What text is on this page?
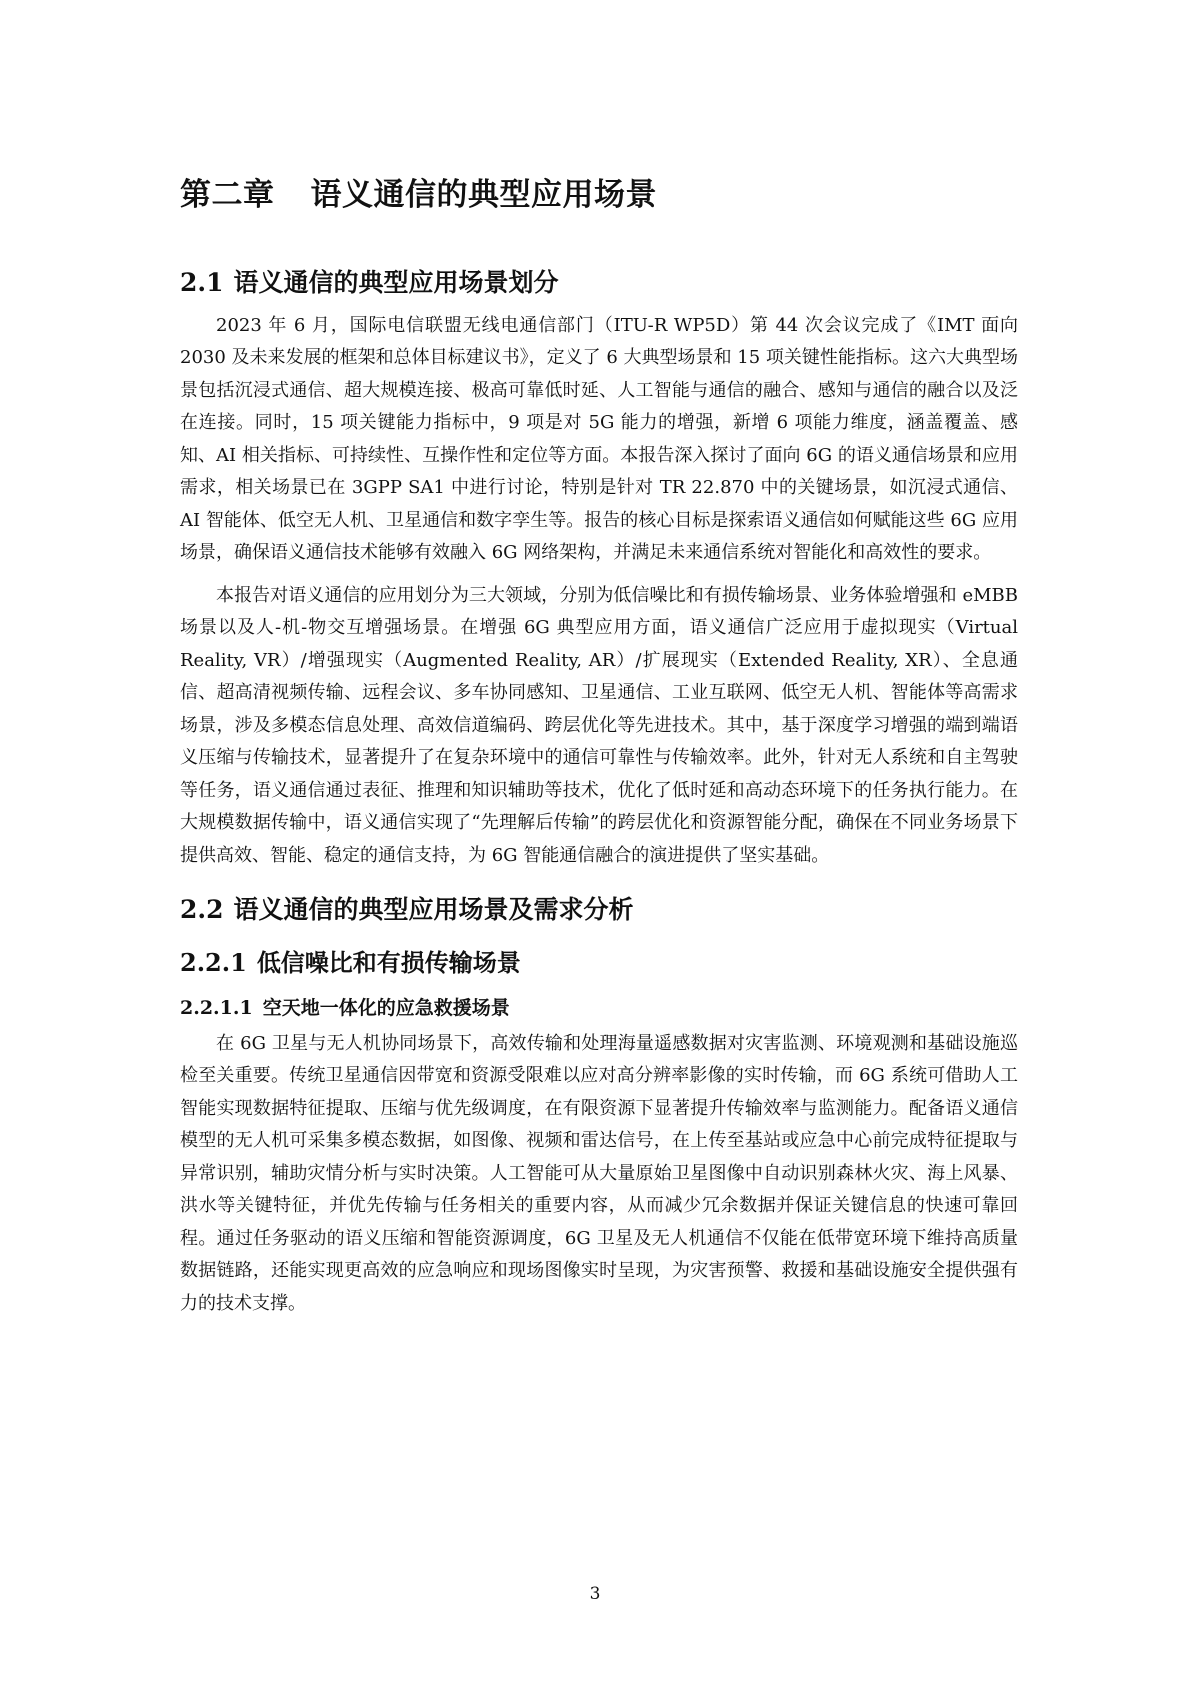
第二章 语义通信的典型应用场景
2.1 语义通信的典型应用场景划分

2023 年 6 月，国际电信联盟无线电通信部门（ITU-R WP5D）第 44 次会议完成了《IMT 面向 2030 及未来发展的框架和总体目标建议书》，定义了 6 大典型场景和 15 项关键性能指标。这六大典型场景包括沉浸式通信、超大规模连接、极高可靠低时延、人工智能与通信的融合、感知与通信的融合以及泛在连接。同时，15 项关键能力指标中，9 项是对 5G 能力的增强，新增 6 项能力维度，涵盖覆盖、感知、AI 相关指标、可持续性、互操作性和定位等方面。本报告深入探讨了面向 6G 的语义通信场景和应用需求，相关场景已在 3GPP SA1 中进行讨论，特别是针对 TR 22.870 中的关键场景，如沉浸式通信、AI 智能体、低空无人机、卫星通信和数字孪生等。报告的核心目标是探索语义通信如何赋能这些 6G 应用场景，确保语义通信技术能够有效融入 6G 网络架构，并满足未来通信系统对智能化和高效性的要求。

本报告对语义通信的应用划分为三大领域，分别为低信噪比和有损传输场景、业务体验增强和 eMBB 场景以及人-机-物交互增强场景。在增强 6G 典型应用方面，语义通信广泛应用于虚拟现实（Virtual Reality, VR）/增强现实（Augmented Reality, AR）/扩展现实（Extended Reality, XR）、全息通信、超高清视频传输、远程会议、多车协同感知、卫星通信、工业互联网、低空无人机、智能体等高需求场景，涉及多模态信息处理、高效信道编码、跨层优化等先进技术。其中，基于深度学习增强的端到端语义压缩与传输技术，显著提升了在复杂环境中的通信可靠性与传输效率。此外，针对无人系统和自主驾驶等任务，语义通信通过表征、推理和知识辅助等技术，优化了低时延和高动态环境下的任务执行能力。在大规模数据传输中，语义通信实现了“先理解后传输”的跨层优化和资源智能分配，确保在不同业务场景下提供高效、智能、稳定的通信支持，为 6G 智能通信融合的演进提供了坚实基础。

2.2 语义通信的典型应用场景及需求分析
2.2.1 低信噪比和有损传输场景
2.2.1.1 空天地一体化的应急救援场景

在 6G 卫星与无人机协同场景下，高效传输和处理海量遥感数据对灾害监测、环境观测和基础设施巡检至关重要。传统卫星通信因带宽和资源受限难以应对高分辨率影像的实时传输，而 6G 系统可借助人工智能实现数据特征提取、压缩与优先级调度，在有限资源下显著提升传输效率与监测能力。配备语义通信模型的无人机可采集多模态数据，如图像、视频和雷达信号，在上传至基站或应急中心前完成特征提取与异常识别，辅助灾情分析与实时决策。人工智能可从大量原始卫星图像中自动识别森林火灾、海上风暴、洪水等关键特征，并优先传输与任务相关的重要内容，从而减少冗余数据并保证关键信息的快速可靠回程。通过任务驱动的语义压缩和智能资源调度，6G 卫星及无人机通信不仅能在低带宽环境下维持高质量数据链路，还能实现更高效的应急响应和现场图像实时呈现，为灾害预警、救援和基础设施安全提供强有力的技术支撑。

3
